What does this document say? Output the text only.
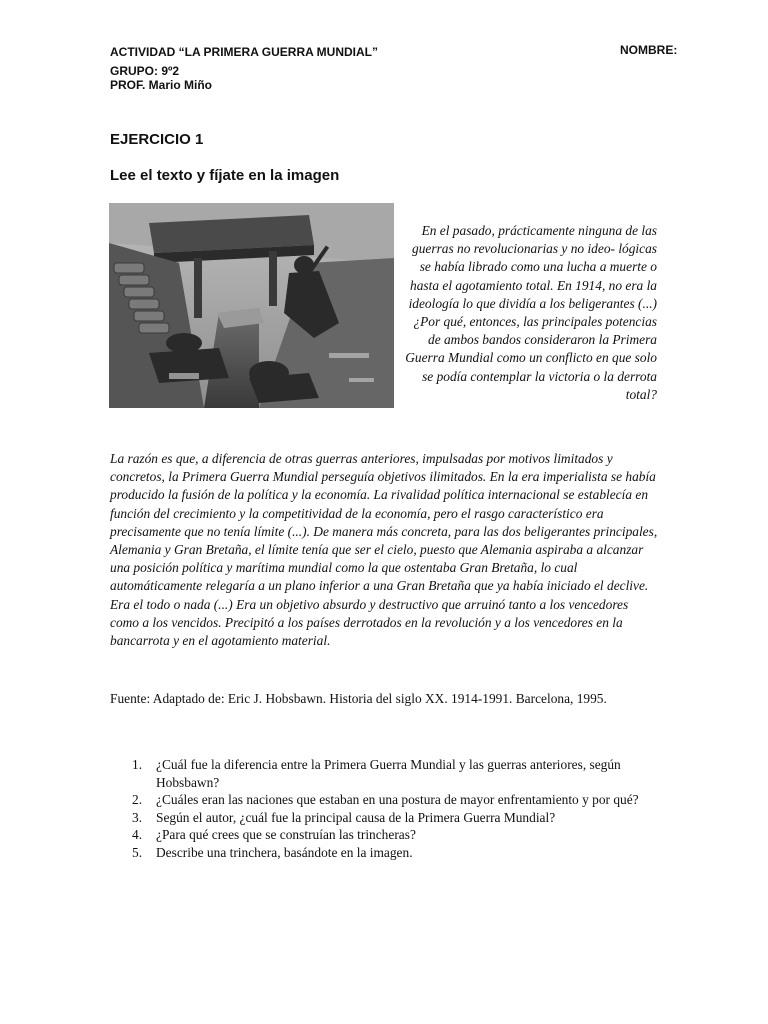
ACTIVIDAD “LA PRIMERA GUERRA MUNDIAL”
GRUPO: 9º2
PROF. Mario Miño
NOMBRE:
EJERCICIO 1
Lee el texto y fíjate en la imagen
En el pasado, prácticamente ninguna de las guerras no revolucionarias y no ideo- lógicas se había librado como una lucha a muerte o hasta el agotamiento total. En 1914, no era la ideología lo que dividía a los beligerantes (...) ¿Por qué, entonces, las principales potencias de ambos bandos consideraron la Primera Guerra Mundial como un conflicto en que solo se podía contemplar la victoria o la derrota total?
La razón es que, a diferencia de otras guerras anteriores, impulsadas por motivos limitados y concretos, la Primera Guerra Mundial perseguía objetivos ilimitados. En la era imperialista se había producido la fusión de la política y la economía. La rivalidad política internacional se establecía en función del crecimiento y la competitividad de la economía, pero el rasgo característico era precisamente que no tenía límite (...). De manera más concreta, para las dos beligerantes principales, Alemania y Gran Bretaña, el límite tenía que ser el cielo, puesto que Alemania aspiraba a alcanzar una posición política y marítima mundial como la que ostentaba Gran Bretaña, lo cual automáticamente relegaría a un plano inferior a una Gran Bretaña que ya había iniciado el declive. Era el todo o nada (...) Era un objetivo absurdo y destructivo que arruinó tanto a los vencedores como a los vencidos. Precipitó a los países derrotados en la revolución y a los vencedores en la bancarrota y en el agotamiento material.
Fuente: Adaptado de: Eric J. Hobsbawn. Historia del siglo XX. 1914-1991. Barcelona, 1995.
1. ¿Cuál fue la diferencia entre la Primera Guerra Mundial y las guerras anteriores, según Hobsbawn?
2. ¿Cuáles eran las naciones que estaban en una postura de mayor enfrentamiento y por qué?
3. Según el autor, ¿cuál fue la principal causa de la Primera Guerra Mundial?
4. ¿Para qué crees que se construían las trincheras?
5. Describe una trinchera, basándote en la imagen.
